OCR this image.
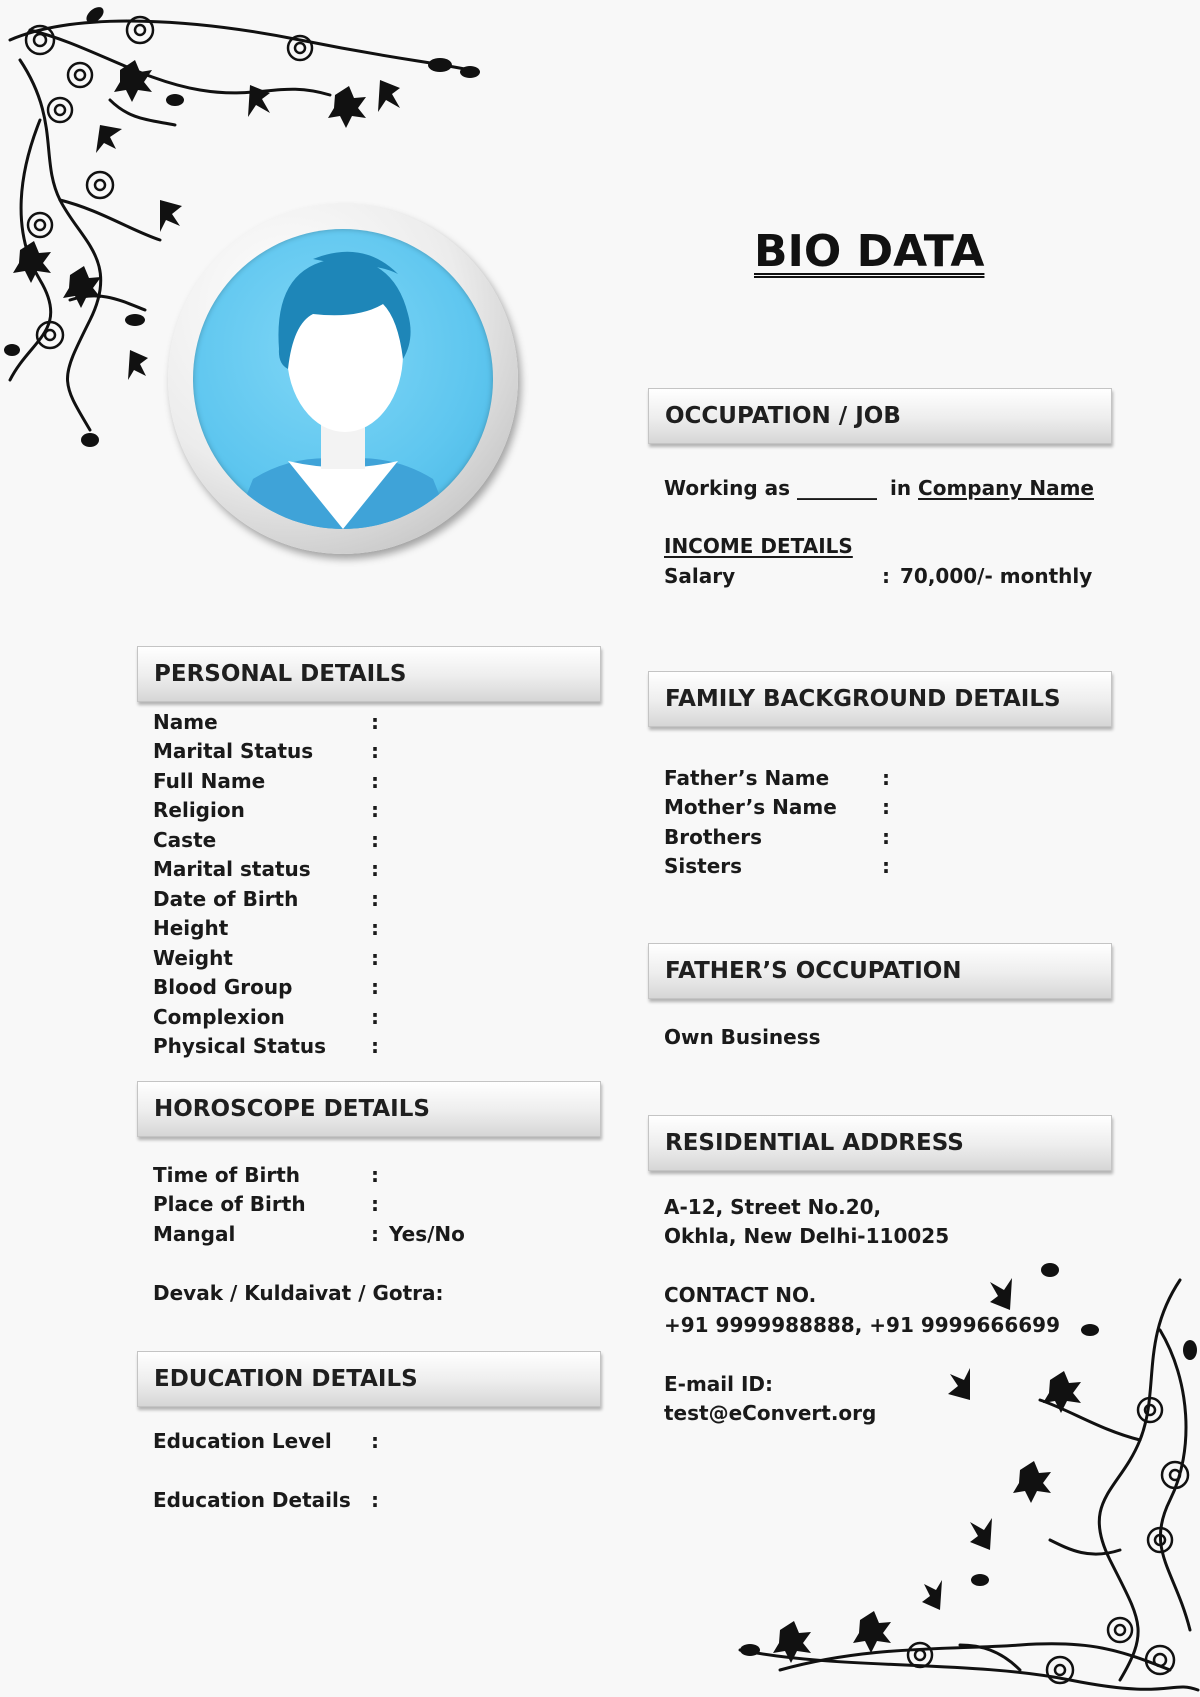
BIO DATA
OCCUPATION / JOB
Working as ________ in Company Name
INCOME DETAILS
Salary	: 70,000/- monthly
PERSONAL DETAILS
Name	:
Marital Status	:
Full Name	:
Religion	:
Caste	:
Marital status	:
Date of Birth	:
Height	:
Weight	:
Blood Group	:
Complexion	:
Physical Status :
HOROSCOPE DETAILS
Time of Birth	:
Place of Birth	:
Mangal	: Yes/No
Devak / Kuldaivat / Gotra:
EDUCATION DETAILS
Education Level :
Education Details :
FAMILY BACKGROUND DETAILS
Father’s Name	:
Mother’s Name :
Brothers	:
Sisters	:
FATHER’S OCCUPATION
Own Business
RESIDENTIAL ADDRESS
A-12, Street No.20,
Okhla, New Delhi-110025
CONTACT NO.
+91 9999988888, +91 9999666699
E-mail ID:
test@eConvert.org
